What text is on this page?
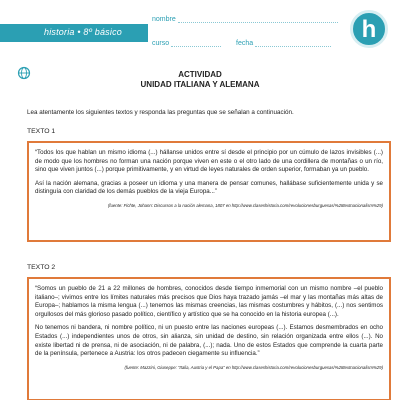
historia • 8º básico
nombre
curso	fecha
h
ACTIVIDAD
UNIDAD ITALIANA Y ALEMANA
Lea atentamente los siguientes textos y responda las preguntas que se señalan a continuación.
TEXTO 1

“Todos los que hablan un mismo idioma (...) hállanse unidos entre sí desde el principio por un cúmulo de lazos invisibles (...) de modo que los hombres no forman una nación porque viven en este o el otro lado de una cordillera de montañas o un río, sino que viven juntos (...) porque primitivamente, y en virtud de leyes naturales de orden superior, formaban ya un pueblo.

Así la nación alemana, gracias a poseer un idioma y una manera de pensar comunes, hallábase suficientemente unida y se distinguía con claridad de los demás pueblos de la vieja Europa...”

(fuente: Fichte, Johann: Discursos a la nación alemana, 1807 en http://www.claseshistoria.com/revolucionesburguesas/%28textnacionalism%29)
TEXTO 2

“Somos un pueblo de 21 a 22 millones de hombres, conocidos desde tiempo inmemorial con un mismo nombre –el pueblo italiano–; vivimos entre los límites naturales más precisos que Dios haya trazado jamás –el mar y las montañas más altas de Europa–; hablamos la misma lengua (...) tenemos las mismas creencias, las mismas costumbres y hábitos, (...) nos sentimos orgullosos del más glorioso pasado político, científico y artístico que se ha conocido en la historia europea (...).

No tenemos ni bandera, ni nombre político, ni un puesto entre las naciones europeas (...). Estamos desmembrados en ocho Estados (...) independientes unos de otros, sin alianza, sin unidad de destino, sin relación organizada entre ellos (...). No existe libertad ni de prensa, ni de asociación, ni de palabra, (...); nada. Uno de estos Estados que comprende la cuarta parte de la península, pertenece a Austria: los otros padecen ciegamente su influencia.”

(fuente: Mazzini, Giuseppe: “Italia, Austria y el Papa” en http://www.claseshistoria.com/revolucionesburguesas/%28textnacionalism%29)
